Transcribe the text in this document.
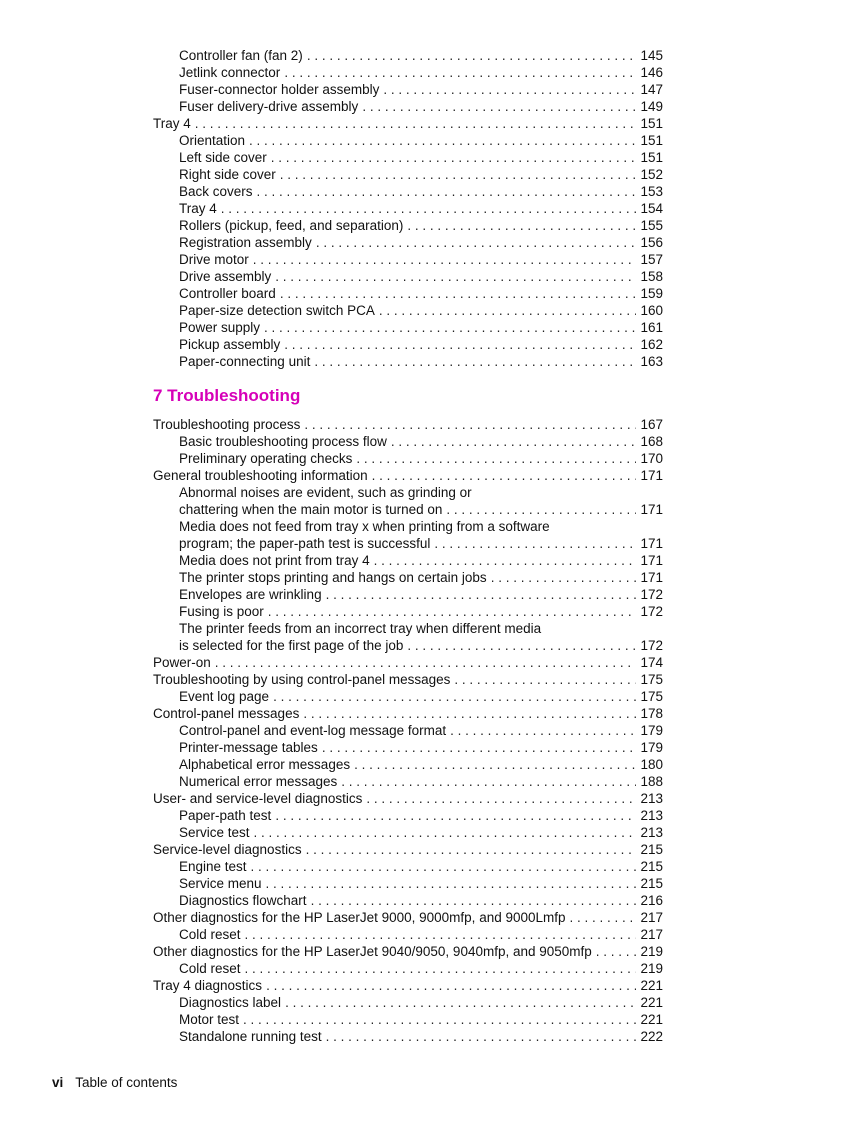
Controller fan (fan 2) . . .	145
Jetlink connector . . .	146
Fuser-connector holder assembly . . .	147
Fuser delivery-drive assembly . . .	149
Tray 4 . . .	151
Orientation . . .	151
Left side cover . . .	151
Right side cover . . .	152
Back covers . . .	153
Tray 4 . . .	154
Rollers (pickup, feed, and separation) . . .	155
Registration assembly . . .	156
Drive motor . . .	157
Drive assembly . . .	158
Controller board . . .	159
Paper-size detection switch PCA . . .	160
Power supply . . .	161
Pickup assembly . . .	162
Paper-connecting unit . . .	163
7 Troubleshooting
Troubleshooting process . . .	167
Basic troubleshooting process flow . . .	168
Preliminary operating checks . . .	170
General troubleshooting information . . .	171
Abnormal noises are evident, such as grinding or
chattering when the main motor is turned on . . .	171
Media does not feed from tray x when printing from a software
program; the paper-path test is successful . . .	171
Media does not print from tray 4 . . .	171
The printer stops printing and hangs on certain jobs . . .	171
Envelopes are wrinkling . . .	172
Fusing is poor . . .	172
The printer feeds from an incorrect tray when different media
is selected for the first page of the job . . .	172
Power-on . . .	174
Troubleshooting by using control-panel messages . . .	175
Event log page . . .	175
Control-panel messages . . .	178
Control-panel and event-log message format . . .	179
Printer-message tables . . .	179
Alphabetical error messages . . .	180
Numerical error messages . . .	188
User- and service-level diagnostics . . .	213
Paper-path test . . .	213
Service test . . .	213
Service-level diagnostics . . .	215
Engine test . . .	215
Service menu . . .	215
Diagnostics flowchart . . .	216
Other diagnostics for the HP LaserJet 9000, 9000mfp, and 9000Lmfp . . .	217
Cold reset . . .	217
Other diagnostics for the HP LaserJet 9040/9050, 9040mfp, and 9050mfp . . .	219
Cold reset . . .	219
Tray 4 diagnostics . . .	221
Diagnostics label . . .	221
Motor test . . .	221
Standalone running test . . .	222
vi Table of contents
